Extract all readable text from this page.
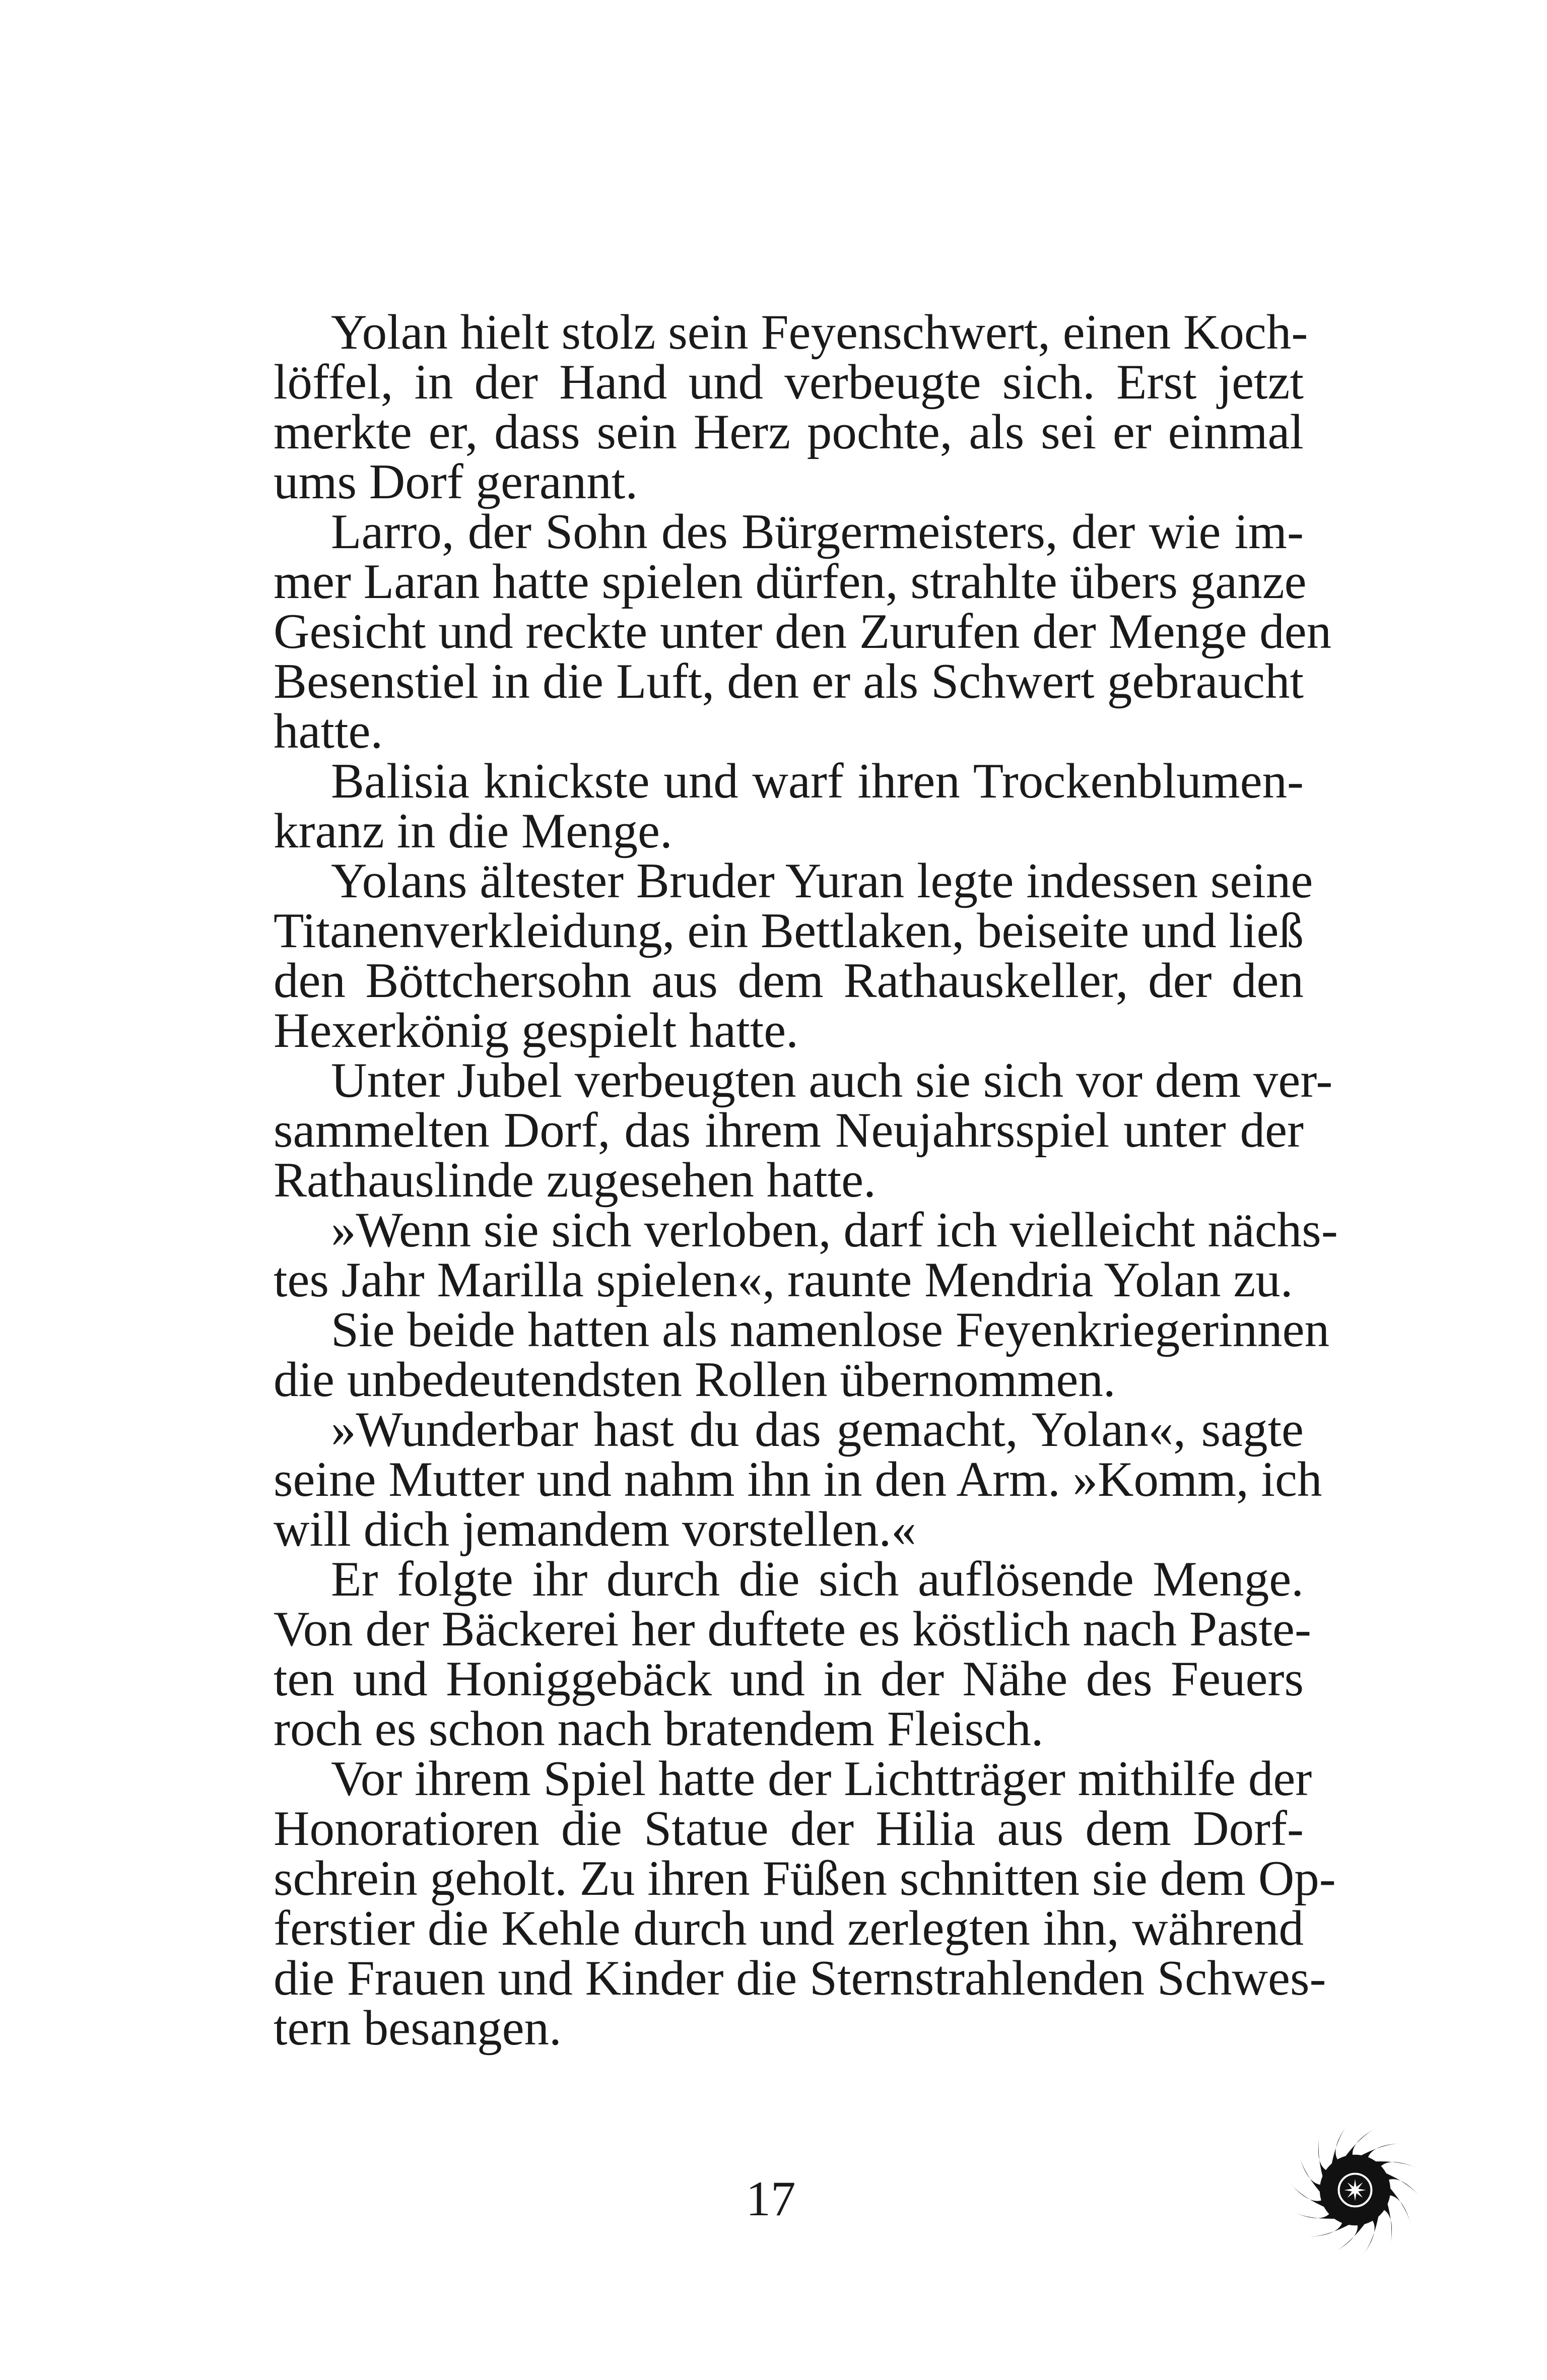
Yolan hielt stolz sein Feyenschwert, einen Koch-
löffel, in der Hand und verbeugte sich. Erst jetzt
merkte er, dass sein Herz pochte, als sei er einmal
ums Dorf gerannt.
Larro, der Sohn des Bürgermeisters, der wie im-
mer Laran hatte spielen dürfen, strahlte übers ganze
Gesicht und reckte unter den Zurufen der Menge den
Besenstiel in die Luft, den er als Schwert gebraucht
hatte.
Balisia knickste und warf ihren Trockenblumen-
kranz in die Menge.
Yolans ältester Bruder Yuran legte indessen seine
Titanenverkleidung, ein Bettlaken, beiseite und ließ
den Böttchersohn aus dem Rathauskeller, der den
Hexerkönig gespielt hatte.
Unter Jubel verbeugten auch sie sich vor dem ver-
sammelten Dorf, das ihrem Neujahrsspiel unter der
Rathauslinde zugesehen hatte.
»Wenn sie sich verloben, darf ich vielleicht nächs-
tes Jahr Marilla spielen«, raunte Mendria Yolan zu.
Sie beide hatten als namenlose Feyenkriegerinnen
die unbedeutendsten Rollen übernommen.
»Wunderbar hast du das gemacht, Yolan«, sagte
seine Mutter und nahm ihn in den Arm. »Komm, ich
will dich jemandem vorstellen.«
Er folgte ihr durch die sich auflösende Menge.
Von der Bäckerei her duftete es köstlich nach Paste-
ten und Honiggebäck und in der Nähe des Feuers
roch es schon nach bratendem Fleisch.
Vor ihrem Spiel hatte der Lichtträger mithilfe der
Honoratioren die Statue der Hilia aus dem Dorf-
schrein geholt. Zu ihren Füßen schnitten sie dem Op-
ferstier die Kehle durch und zerlegten ihn, während
die Frauen und Kinder die Sternstrahlenden Schwes-
tern besangen.
17
